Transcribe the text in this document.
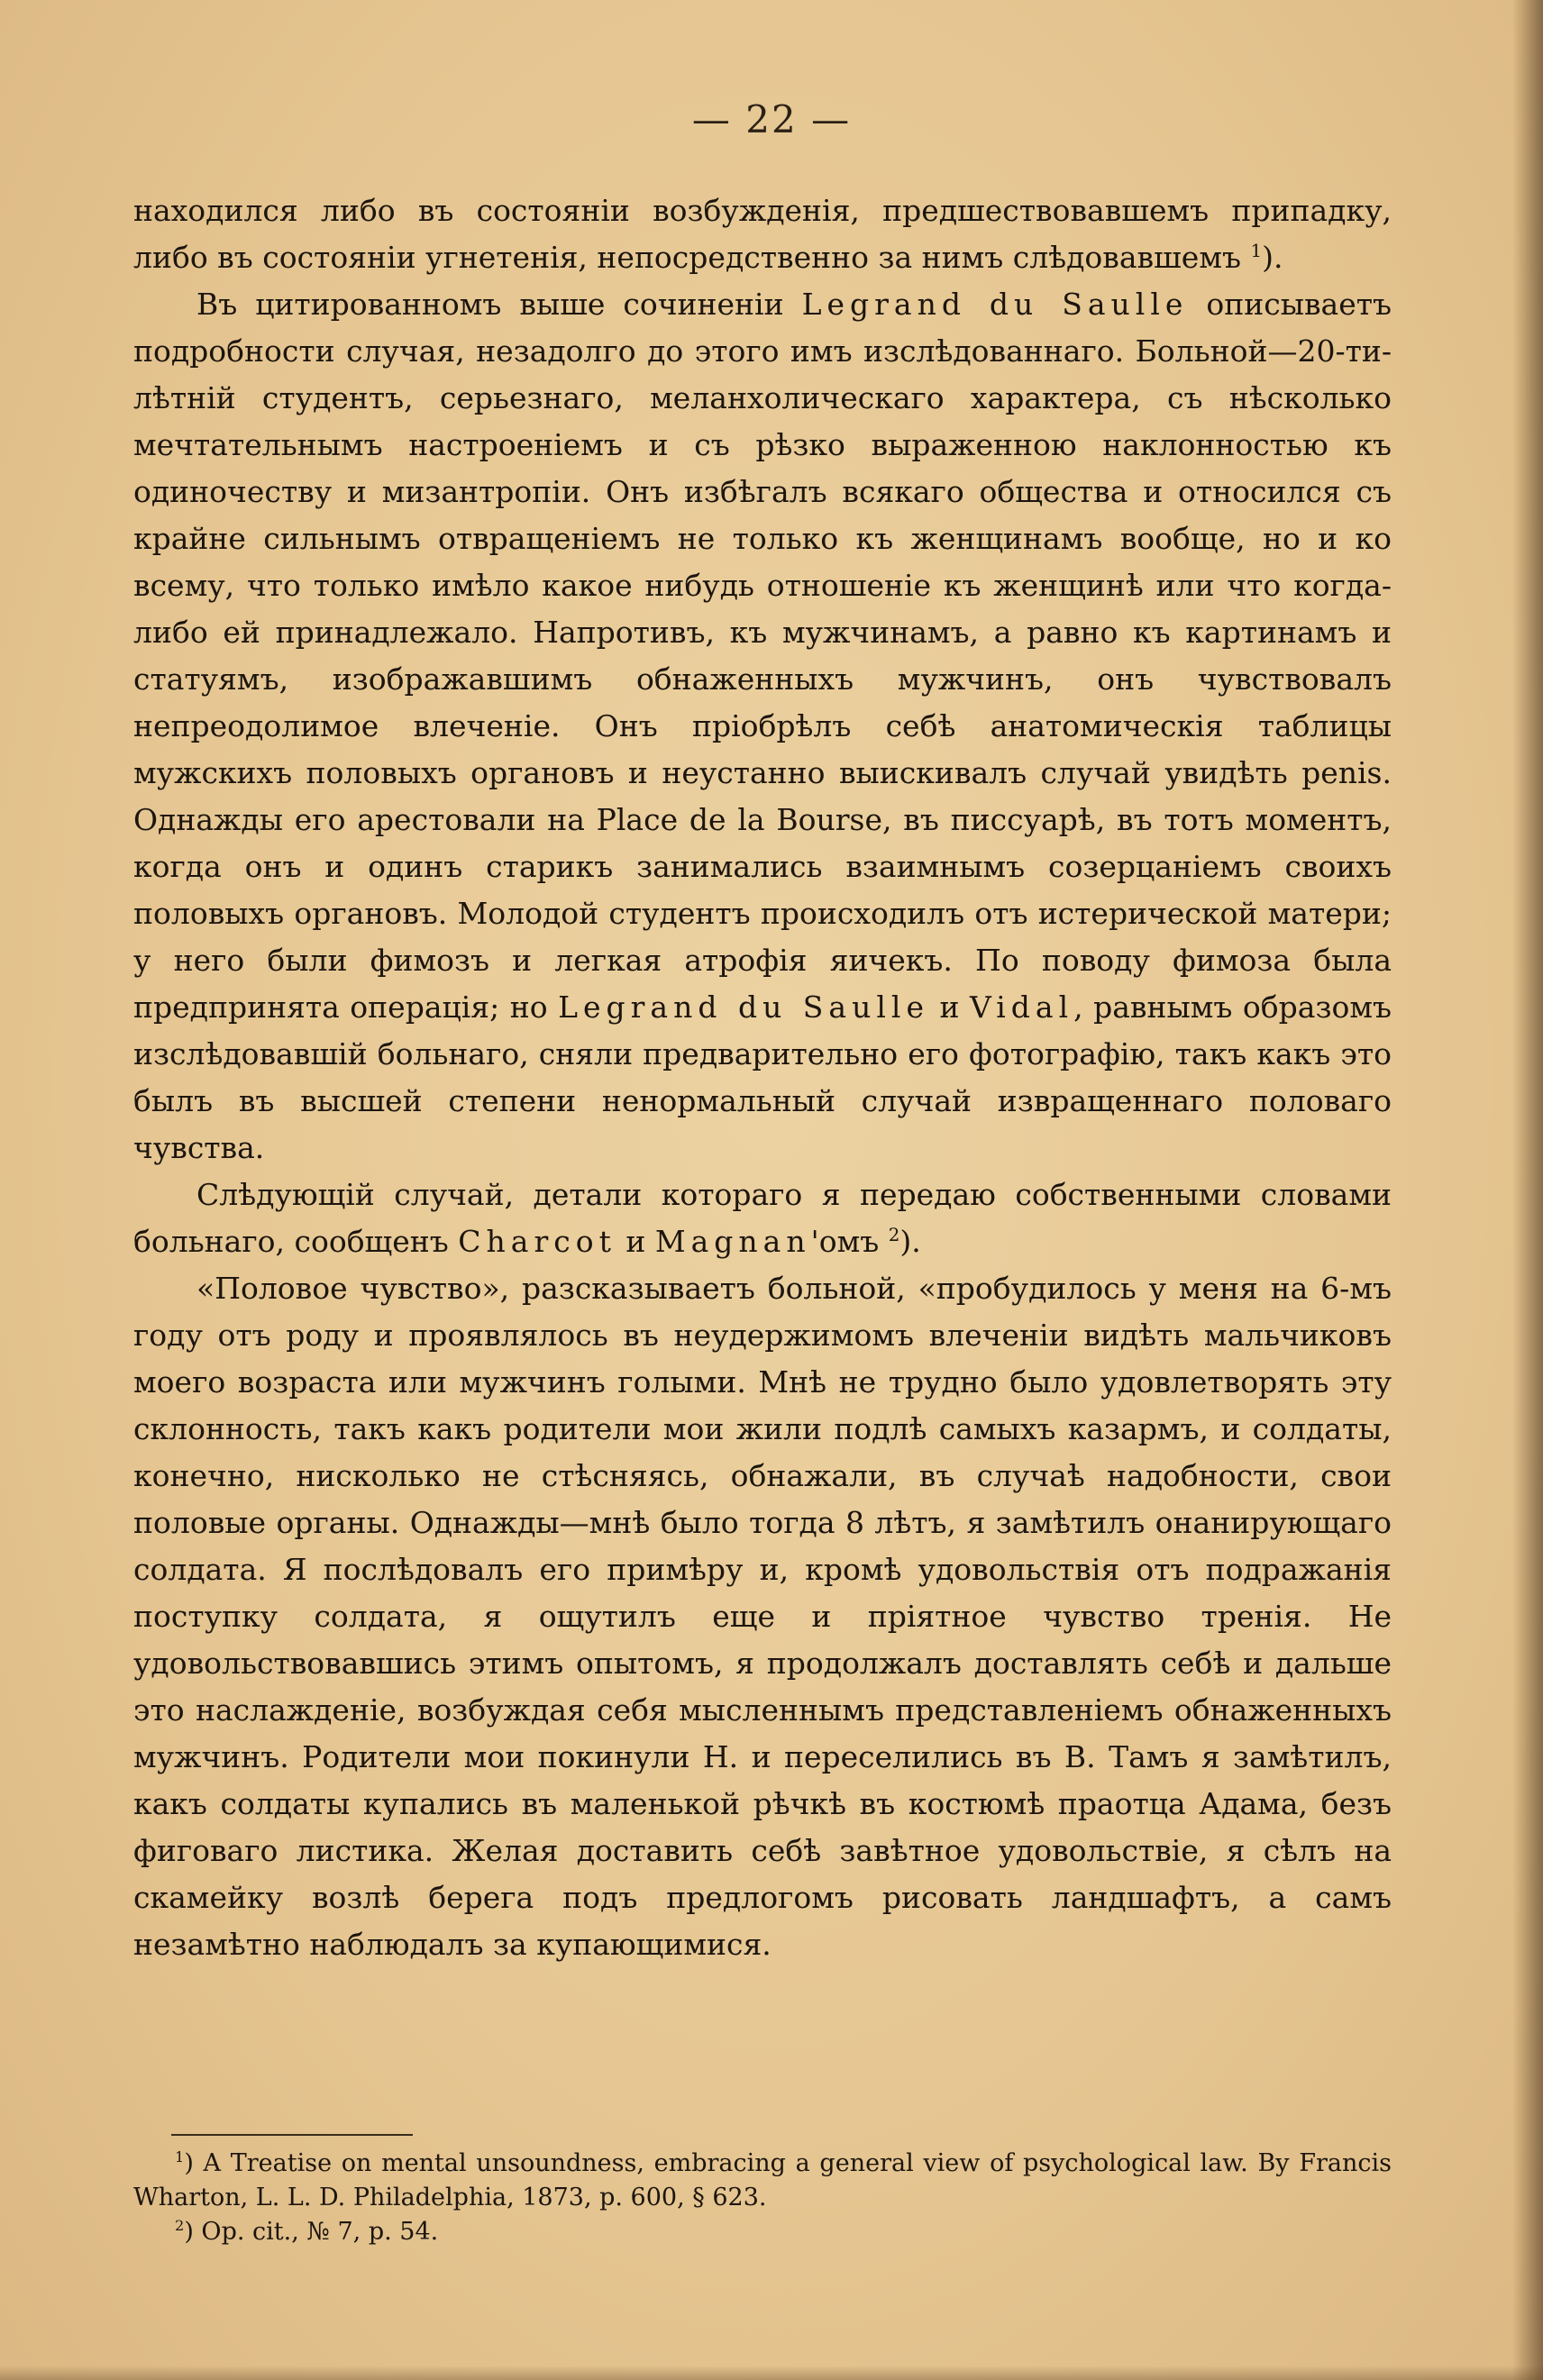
— 22 —

находился либо въ состояніи возбужденія, предшествовавшемъ припадку, либо въ состояніи угнетенія, непосредственно за нимъ слѣдовавшемъ $^1$).

Въ цитированномъ выше сочиненіи Legrand du Saulle описываетъ подробности случая, незадолго до этого имъ изслѣдованнаго. Больной—20-ти-лѣтній студентъ, серьезнаго, меланхолическаго характера, съ нѣсколько мечтательнымъ настроеніемъ и съ рѣзко выраженною наклонностью къ одиночеству и мизантропіи. Онъ избѣгалъ всякаго общества и относился съ крайне сильнымъ отвращеніемъ не только къ женщинамъ вообще, но и ко всему, что только имѣло какое нибудь отношеніе къ женщинѣ или что когда-либо ей принадлежало. Напротивъ, къ мужчинамъ, а равно къ картинамъ и статуямъ, изображавшимъ обнаженныхъ мужчинъ, онъ чувствовалъ непреодолимое влеченіе. Онъ пріобрѣлъ себѣ анатомическія таблицы мужскихъ половыхъ органовъ и неустанно выискивалъ случай увидѣть penis. Однажды его арестовали на Place de la Bourse, въ писсуарѣ, въ тотъ моментъ, когда онъ и одинъ старикъ занимались взаимнымъ созерцаніемъ своихъ половыхъ органовъ. Молодой студентъ происходилъ отъ истерической матери; у него были фимозъ и легкая атрофія яичекъ. По поводу фимоза была предпринята операція; но Legrand du Saulle и Vidal, равнымъ образомъ изслѣдовавшій больнаго, сняли предварительно его фотографію, такъ какъ это былъ въ высшей степени ненормальный случай извращеннаго половаго чувства.

Слѣдующій случай, детали котораго я передаю собственными словами больнаго, сообщенъ Charcot и Magnan'омъ $^2$).

«Половое чувство», разсказываетъ больной, «пробудилось у меня на 6-мъ году отъ роду и проявлялось въ неудержимомъ влеченіи видѣть мальчиковъ моего возраста или мужчинъ голыми. Мнѣ не трудно было удовлетворять эту склонность, такъ какъ родители мои жили подлѣ самыхъ казармъ, и солдаты, конечно, нисколько не стѣсняясь, обнажали, въ случаѣ надобности, свои половые органы. Однажды—мнѣ было тогда 8 лѣтъ, я замѣтилъ онанирующаго солдата. Я послѣдовалъ его примѣру и, кромѣ удовольствія отъ подражанія поступку солдата, я ощутилъ еще и пріятное чувство тренія. Не удовольствовавшись этимъ опытомъ, я продолжалъ доставлять себѣ и дальше это наслажденіе, возбуждая себя мысленнымъ представленіемъ обнаженныхъ мужчинъ. Родители мои покинули Н. и переселились въ В. Тамъ я замѣтилъ, какъ солдаты купались въ маленькой рѣчкѣ въ костюмѣ праотца Адама, безъ фиговаго листика. Желая доставить себѣ завѣтное удовольствіе, я сѣлъ на скамейку возлѣ берега подъ предлогомъ рисовать ландшафтъ, а самъ незамѣтно наблюдалъ за купающимися.

$^1$) A Treatise on mental unsoundness, embracing a general view of psychological law. By Francis Wharton, L. L. D. Philadelphia, 1873, p. 600, § 623.

$^2$) Op. cit., № 7, p. 54.
